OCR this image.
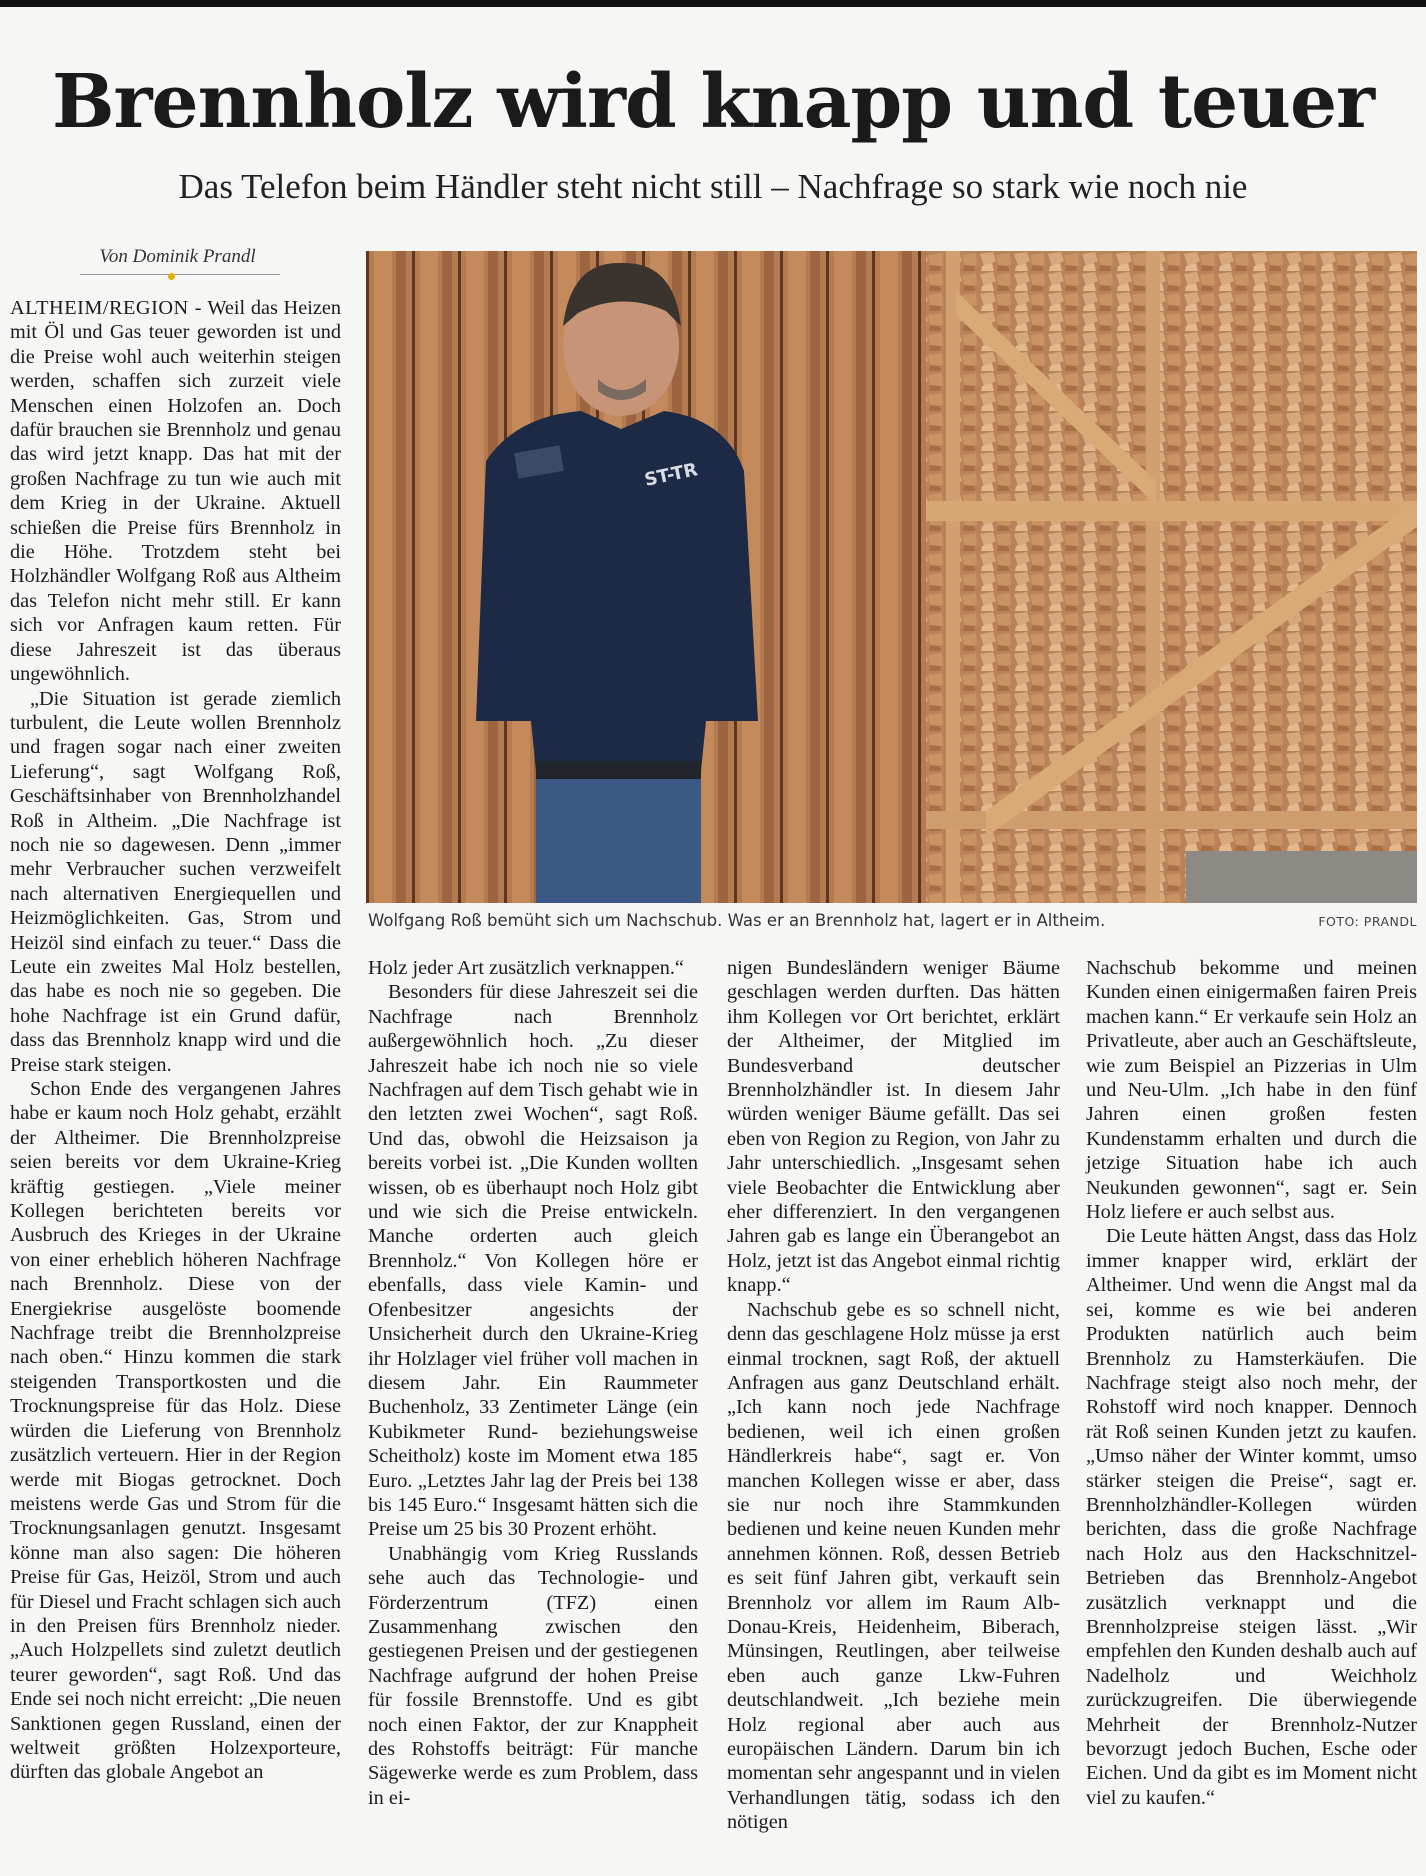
Brennholz wird knapp und teuer

Das Telefon beim Händler steht nicht still – Nachfrage so stark wie noch nie

Von Dominik Prandl

ALTHEIM/REGION - Weil das Heizen mit Öl und Gas teuer geworden ist und die Preise wohl auch weiterhin steigen werden, schaffen sich zurzeit viele Menschen einen Holzofen an. Doch dafür brauchen sie Brennholz und genau das wird jetzt knapp. Das hat mit der großen Nachfrage zu tun wie auch mit dem Krieg in der Ukraine. Aktuell schießen die Preise fürs Brennholz in die Höhe. Trotzdem steht bei Holzhändler Wolfgang Roß aus Altheim das Telefon nicht mehr still. Er kann sich vor Anfragen kaum retten. Für diese Jahreszeit ist das überaus ungewöhnlich.

„Die Situation ist gerade ziemlich turbulent, die Leute wollen Brennholz und fragen sogar nach einer zweiten Lieferung“, sagt Wolfgang Roß, Geschäftsinhaber von Brennholzhandel Roß in Altheim. „Die Nachfrage ist noch nie so dagewesen. Denn „immer mehr Verbraucher suchen verzweifelt nach alternativen Energiequellen und Heizmöglichkeiten. Gas, Strom und Heizöl sind einfach zu teuer.“ Dass die Leute ein zweites Mal Holz bestellen, das habe es noch nie so gegeben. Die hohe Nachfrage ist ein Grund dafür, dass das Brennholz knapp wird und die Preise stark steigen.

Schon Ende des vergangenen Jahres habe er kaum noch Holz gehabt, erzählt der Altheimer. Die Brennholzpreise seien bereits vor dem Ukraine-Krieg kräftig gestiegen. „Viele meiner Kollegen berichteten bereits vor Ausbruch des Krieges in der Ukraine von einer erheblich höheren Nachfrage nach Brennholz. Diese von der Energiekrise ausgelöste boomende Nachfrage treibt die Brennholzpreise nach oben.“ Hinzu kommen die stark steigenden Transportkosten und die Trocknungspreise für das Holz. Diese würden die Lieferung von Brennholz zusätzlich verteuern. Hier in der Region werde mit Biogas getrocknet. Doch meistens werde Gas und Strom für die Trocknungsanlagen genutzt. Insgesamt könne man also sagen: Die höheren Preise für Gas, Heizöl, Strom und auch für Diesel und Fracht schlagen sich auch in den Preisen fürs Brennholz nieder. „Auch Holzpellets sind zuletzt deutlich teurer geworden“, sagt Roß. Und das Ende sei noch nicht erreicht: „Die neuen Sanktionen gegen Russland, einen der weltweit größten Holzexporteure, dürften das globale Angebot an

ST-TR
Wolfgang Roß bemüht sich um Nachschub. Was er an Brennholz hat, lagert er in Altheim.	FOTO: PRANDL

Holz jeder Art zusätzlich verknappen.“

Besonders für diese Jahreszeit sei die Nachfrage nach Brennholz außergewöhnlich hoch. „Zu dieser Jahreszeit habe ich noch nie so viele Nachfragen auf dem Tisch gehabt wie in den letzten zwei Wochen“, sagt Roß. Und das, obwohl die Heizsaison ja bereits vorbei ist. „Die Kunden wollten wissen, ob es überhaupt noch Holz gibt und wie sich die Preise entwickeln. Manche orderten auch gleich Brennholz.“ Von Kollegen höre er ebenfalls, dass viele Kamin- und Ofenbesitzer angesichts der Unsicherheit durch den Ukraine-Krieg ihr Holzlager viel früher voll machen in diesem Jahr. Ein Raummeter Buchenholz, 33 Zentimeter Länge (ein Kubikmeter Rund- beziehungsweise Scheitholz) koste im Moment etwa 185 Euro. „Letztes Jahr lag der Preis bei 138 bis 145 Euro.“ Insgesamt hätten sich die Preise um 25 bis 30 Prozent erhöht.

Unabhängig vom Krieg Russlands sehe auch das Technologie- und Förderzentrum (TFZ) einen Zusammenhang zwischen den gestiegenen Preisen und der gestiegenen Nachfrage aufgrund der hohen Preise für fossile Brennstoffe. Und es gibt noch einen Faktor, der zur Knappheit des Rohstoffs beiträgt: Für manche Sägewerke werde es zum Problem, dass in ei-

nigen Bundesländern weniger Bäume geschlagen werden durften. Das hätten ihm Kollegen vor Ort berichtet, erklärt der Altheimer, der Mitglied im Bundesverband deutscher Brennholzhändler ist. In diesem Jahr würden weniger Bäume gefällt. Das sei eben von Region zu Region, von Jahr zu Jahr unterschiedlich. „Insgesamt sehen viele Beobachter die Entwicklung aber eher differenziert. In den vergangenen Jahren gab es lange ein Überangebot an Holz, jetzt ist das Angebot einmal richtig knapp.“

Nachschub gebe es so schnell nicht, denn das geschlagene Holz müsse ja erst einmal trocknen, sagt Roß, der aktuell Anfragen aus ganz Deutschland erhält. „Ich kann noch jede Nachfrage bedienen, weil ich einen großen Händlerkreis habe“, sagt er. Von manchen Kollegen wisse er aber, dass sie nur noch ihre Stammkunden bedienen und keine neuen Kunden mehr annehmen können. Roß, dessen Betrieb es seit fünf Jahren gibt, verkauft sein Brennholz vor allem im Raum Alb-Donau-Kreis, Heidenheim, Biberach, Münsingen, Reutlingen, aber teilweise eben auch ganze Lkw-Fuhren deutschlandweit. „Ich beziehe mein Holz regional aber auch aus europäischen Ländern. Darum bin ich momentan sehr angespannt und in vielen Verhandlungen tätig, sodass ich den nötigen

Nachschub bekomme und meinen Kunden einen einigermaßen fairen Preis machen kann.“ Er verkaufe sein Holz an Privatleute, aber auch an Geschäftsleute, wie zum Beispiel an Pizzerias in Ulm und Neu-Ulm. „Ich habe in den fünf Jahren einen großen festen Kundenstamm erhalten und durch die jetzige Situation habe ich auch Neukunden gewonnen“, sagt er. Sein Holz liefere er auch selbst aus.

Die Leute hätten Angst, dass das Holz immer knapper wird, erklärt der Altheimer. Und wenn die Angst mal da sei, komme es wie bei anderen Produkten natürlich auch beim Brennholz zu Hamsterkäufen. Die Nachfrage steigt also noch mehr, der Rohstoff wird noch knapper. Dennoch rät Roß seinen Kunden jetzt zu kaufen. „Umso näher der Winter kommt, umso stärker steigen die Preise“, sagt er. Brennholzhändler-Kollegen würden berichten, dass die große Nachfrage nach Holz aus den Hackschnitzel-Betrieben das Brennholz-Angebot zusätzlich verknappt und die Brennholzpreise steigen lässt. „Wir empfehlen den Kunden deshalb auch auf Nadelholz und Weichholz zurückzugreifen. Die überwiegende Mehrheit der Brennholz-Nutzer bevorzugt jedoch Buchen, Esche oder Eichen. Und da gibt es im Moment nicht viel zu kaufen.“
